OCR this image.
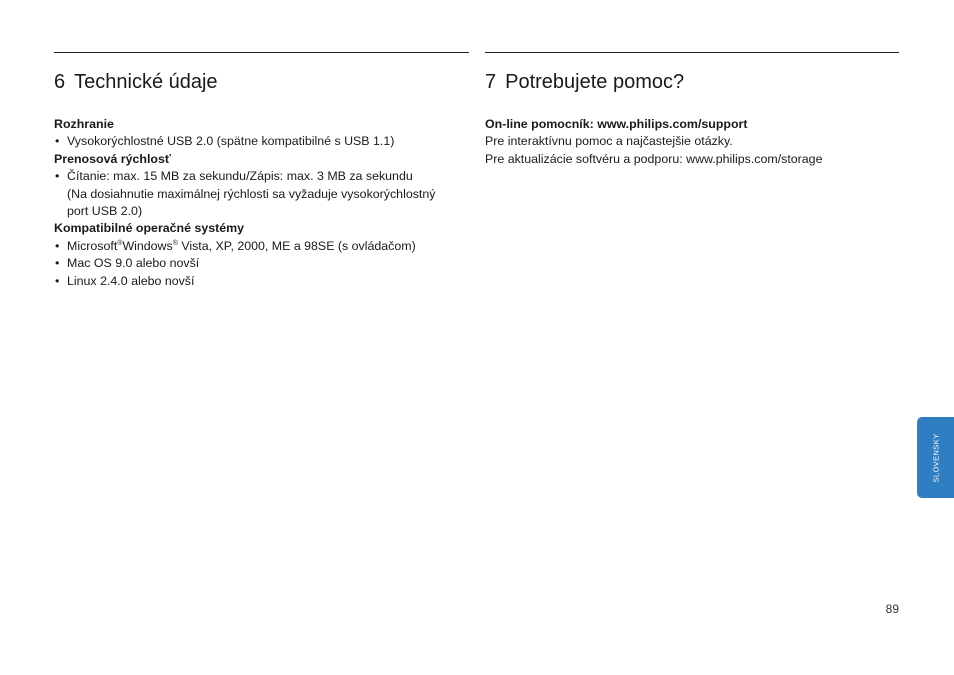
6 Technické údaje
Rozhranie
• Vysokorýchlostné USB 2.0 (spätne kompatibilné s USB 1.1)
Prenosová rýchlosť
• Čítanie: max. 15 MB za sekundu/Zápis: max. 3 MB za sekundu
(Na dosiahnutie maximálnej rýchlosti sa vyžaduje vysokorýchlostný
port USB 2.0)
Kompatibilné operačné systémy
• Microsoft®Windows® Vista, XP, 2000, ME a 98SE (s ovládačom)
• Mac OS 9.0 alebo novší
• Linux 2.4.0 alebo novší
7 Potrebujete pomoc?
On-line pomocník: www.philips.com/support
Pre interaktívnu pomoc a najčastejšie otázky.
Pre aktualizácie softvéru a podporu: www.philips.com/storage
SLOVENSKY
89
